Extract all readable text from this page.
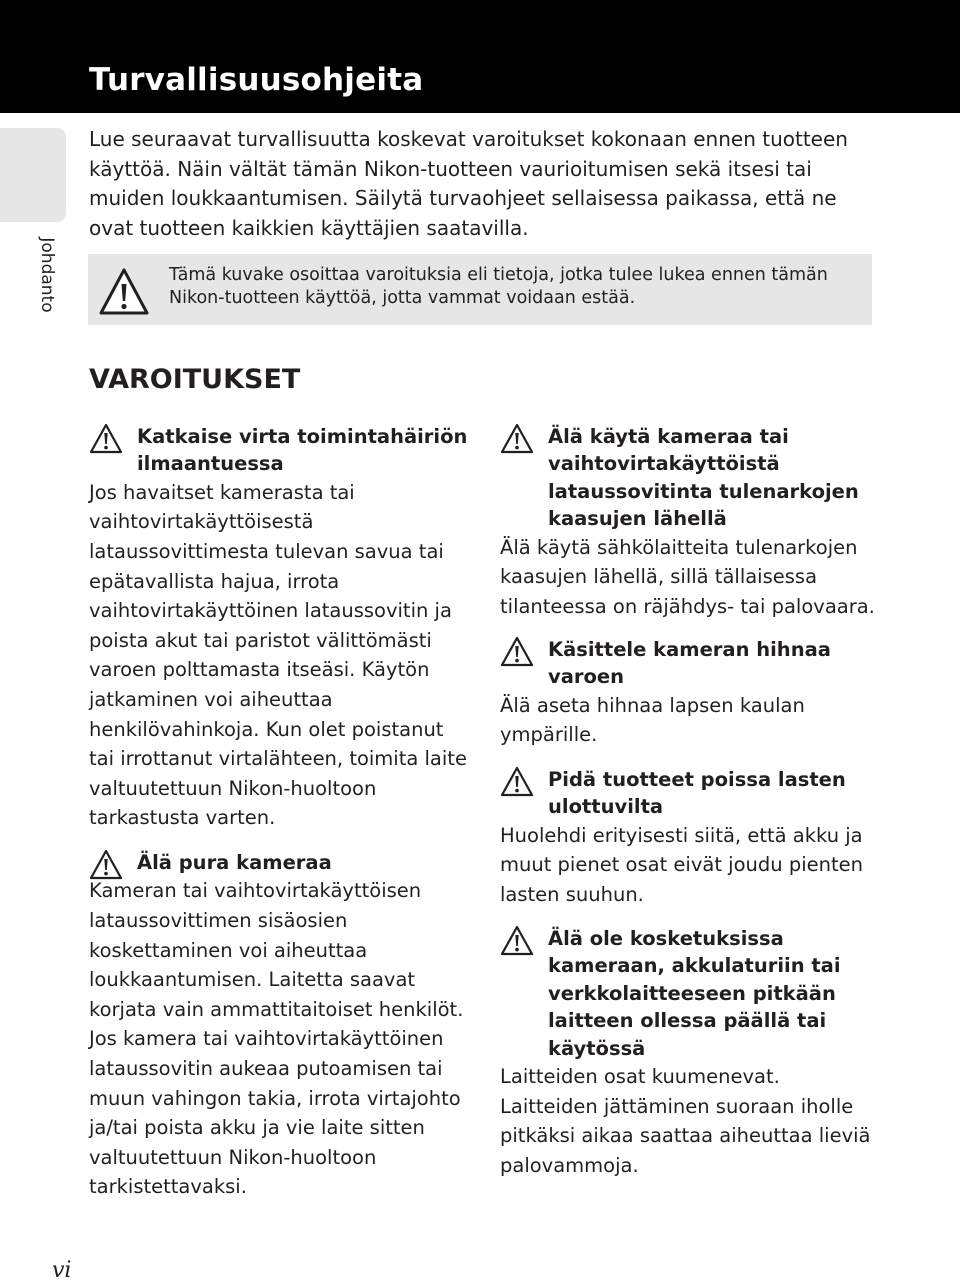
Turvallisuusohjeita
Johdanto

Lue seuraavat turvallisuutta koskevat varoitukset kokonaan ennen tuotteen käyttöä. Näin vältät tämän Nikon-tuotteen vaurioitumisen sekä itsesi tai muiden loukkaantumisen. Säilytä turvaohjeet sellaisessa paikassa, että ne ovat tuotteen kaikkien käyttäjien saatavilla.

Tämä kuvake osoittaa varoituksia eli tietoja, jotka tulee lukea ennen tämän Nikon-tuotteen käyttöä, jotta vammat voidaan estää.

VAROITUKSET
Katkaise virta toimintahäiriön ilmaantuessa

Jos havaitset kamerasta tai vaihtovirtakäyttöisestä lataussovittimesta tulevan savua tai epätavallista hajua, irrota vaihtovirtakäyttöinen lataussovitin ja poista akut tai paristot välittömästi varoen polttamasta itseäsi. Käytön jatkaminen voi aiheuttaa henkilövahinkoja. Kun olet poistanut tai irrottanut virtalähteen, toimita laite valtuutettuun Nikon-huoltoon tarkastusta varten.

Älä pura kameraa

Kameran tai vaihtovirtakäyttöisen lataussovittimen sisäosien koskettaminen voi aiheuttaa loukkaantumisen. Laitetta saavat korjata vain ammattitaitoiset henkilöt. Jos kamera tai vaihtovirtakäyttöinen lataussovitin aukeaa putoamisen tai muun vahingon takia, irrota virtajohto ja/tai poista akku ja vie laite sitten valtuutettuun Nikon-huoltoon tarkistettavaksi.

Älä käytä kameraa tai vaihtovirtakäyttöistä lataussovitinta tulenarkojen kaasujen lähellä

Älä käytä sähkölaitteita tulenarkojen kaasujen lähellä, sillä tällaisessa tilanteessa on räjähdys- tai palovaara.

Käsittele kameran hihnaa varoen

Älä aseta hihnaa lapsen kaulan ympärille.

Pidä tuotteet poissa lasten ulottuvilta

Huolehdi erityisesti siitä, että akku ja muut pienet osat eivät joudu pienten lasten suuhun.

Älä ole kosketuksissa kameraan, akkulaturiin tai verkkolaitteeseen pitkään laitteen ollessa päällä tai käytössä

Laitteiden osat kuumenevat. Laitteiden jättäminen suoraan iholle pitkäksi aikaa saattaa aiheuttaa lieviä palovammoja.

vi
